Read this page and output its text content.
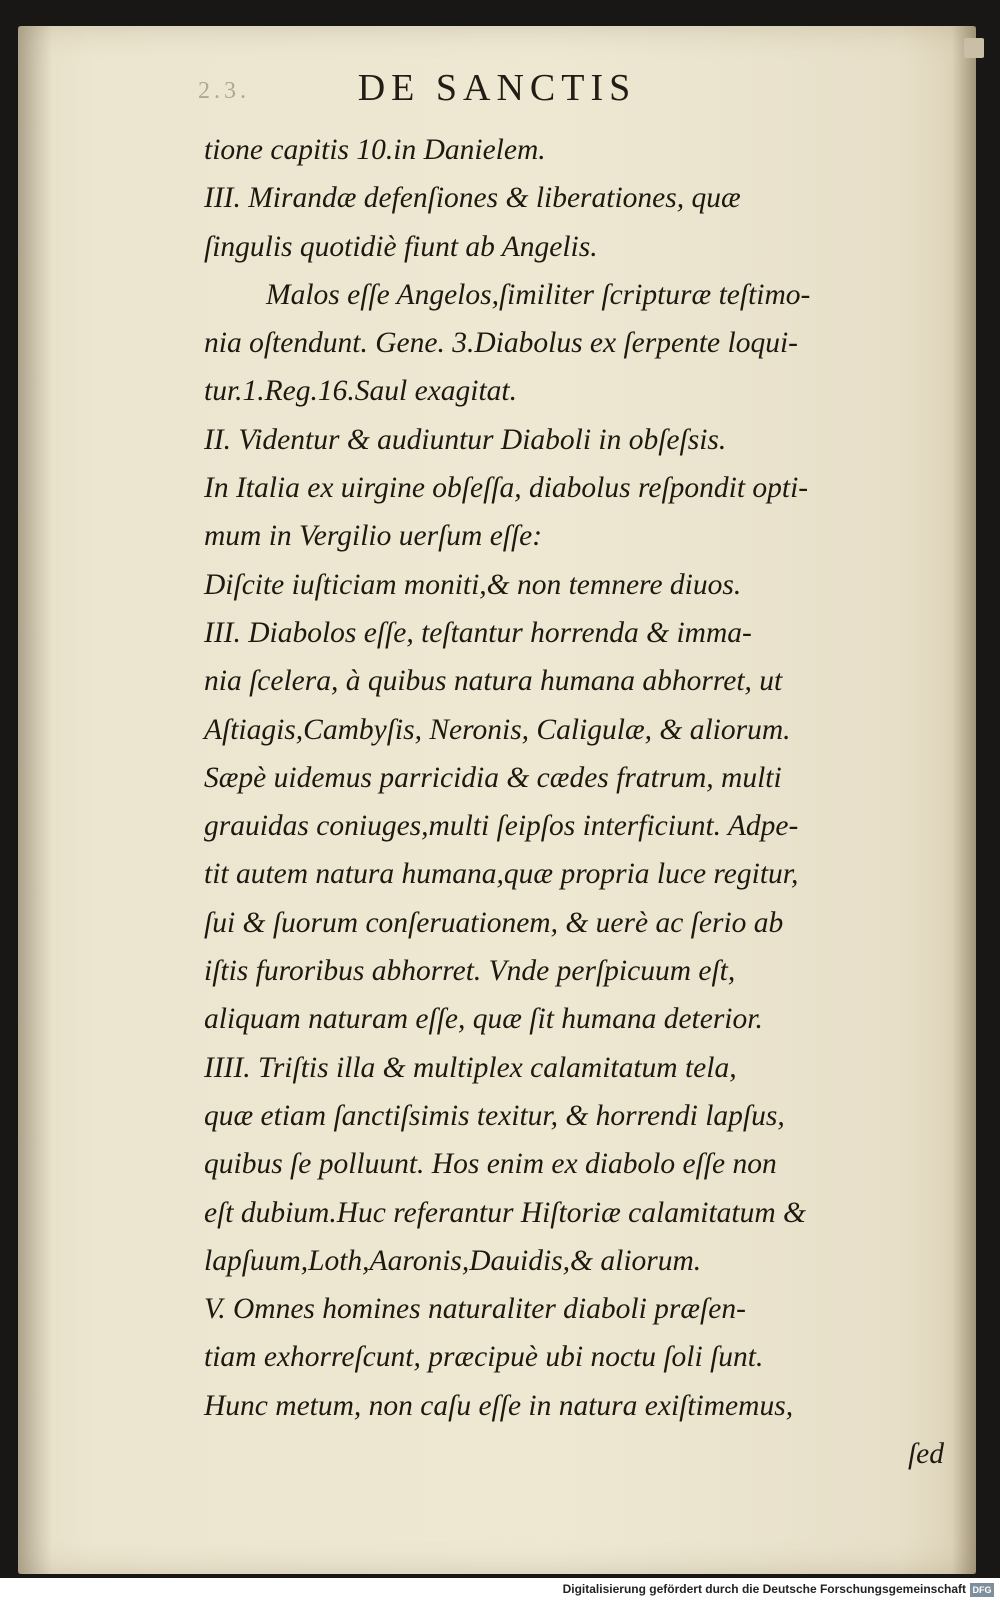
2.3.	DE SANCTIS
tione capitis 10.in Danielem.
III. Mirandæ defenſiones & liberationes, quæ
ſingulis quotidiè fiunt ab Angelis.
Malos eſſe Angelos,ſimiliter ſcripturæ teſtimo-
nia oſtendunt. Gene. 3.Diabolus ex ſerpente loqui-
tur.1.Reg.16.Saul exagitat.
II. Videntur & audiuntur Diaboli in obſeſsis.
In Italia ex uirgine obſeſſa, diabolus reſpondit opti-
mum in Vergilio uerſum eſſe:
Diſcite iuſticiam moniti,& non temnere diuos.
III. Diabolos eſſe, teſtantur horrenda & imma-
nia ſcelera, à quibus natura humana abhorret, ut
Aſtiagis,Cambyſis, Neronis, Caligulæ, & aliorum.
Sæpè uidemus parricidia & cædes fratrum, multi
grauidas coniuges,multi ſeipſos interficiunt. Adpe-
tit autem natura humana,quæ propria luce regitur,
ſui & ſuorum conſeruationem, & uerè ac ſerio ab
iſtis furoribus abhorret. Vnde perſpicuum eſt,
aliquam naturam eſſe, quæ ſit humana deterior.
IIII. Triſtis illa & multiplex calamitatum tela,
quæ etiam ſanctiſsimis texitur, & horrendi lapſus,
quibus ſe polluunt. Hos enim ex diabolo eſſe non
eſt dubium.Huc referantur Hiſtoriæ calamitatum &
lapſuum,Loth,Aaronis,Dauidis,& aliorum.
V. Omnes homines naturaliter diaboli præſen-
tiam exhorreſcunt, præcipuè ubi noctu ſoli ſunt.
Hunc metum, non caſu eſſe in natura exiſtimemus,
ſed
Digitalisierung gefördert durch die Deutsche Forschungsgemeinschaft DFG
